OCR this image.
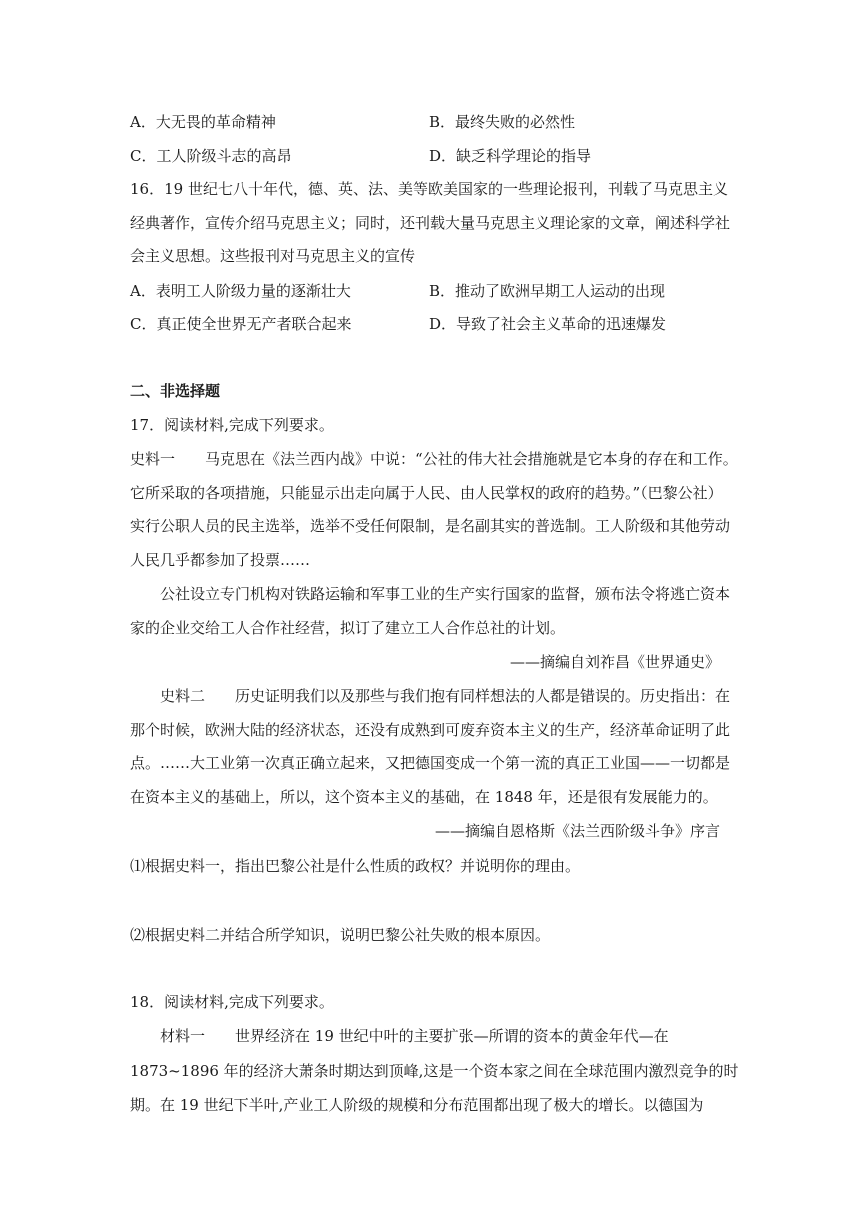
A．大无畏的革命精神	B．最终失败的必然性
C．工人阶级斗志的高昂	D．缺乏科学理论的指导
16．19 世纪七八十年代，德、英、法、美等欧美国家的一些理论报刊，刊载了马克思主义
经典著作，宣传介绍马克思主义；同时，还刊载大量马克思主义理论家的文章，阐述科学社
会主义思想。这些报刊对马克思主义的宣传
A．表明工人阶级力量的逐渐壮大	B．推动了欧洲早期工人运动的出现
C．真正使全世界无产者联合起来	D．导致了社会主义革命的迅速爆发
二、非选择题
17．阅读材料,完成下列要求。
史料一 马克思在《法兰西内战》中说：“公社的伟大社会措施就是它本身的存在和工作。
它所采取的各项措施，只能显示出走向属于人民、由人民掌权的政府的趋势。”（巴黎公社）
实行公职人员的民主选举，选举不受任何限制，是名副其实的普选制。工人阶级和其他劳动
人民几乎都参加了投票……
公社设立专门机构对铁路运输和军事工业的生产实行国家的监督，颁布法令将逃亡资本
家的企业交给工人合作社经营，拟订了建立工人合作总社的计划。
——摘编自刘祚昌《世界通史》
史料二 历史证明我们以及那些与我们抱有同样想法的人都是错误的。历史指出：在
那个时候，欧洲大陆的经济状态，还没有成熟到可废弃资本主义的生产，经济革命证明了此
点。……大工业第一次真正确立起来，又把德国变成一个第一流的真正工业国——一切都是
在资本主义的基础上，所以，这个资本主义的基础，在 1848 年，还是很有发展能力的。
——摘编自恩格斯《法兰西阶级斗争》序言
⑴根据史料一，指出巴黎公社是什么性质的政权？并说明你的理由。
⑵根据史料二并结合所学知识，说明巴黎公社失败的根本原因。
18．阅读材料,完成下列要求。
材料一 世界经济在 19 世纪中叶的主要扩张—所谓的资本的黄金年代—在
1873~1896 年的经济大萧条时期达到顶峰,这是一个资本家之间在全球范围内激烈竞争的时
期。在 19 世纪下半叶,产业工人阶级的规模和分布范围都出现了极大的增长。以德国为
